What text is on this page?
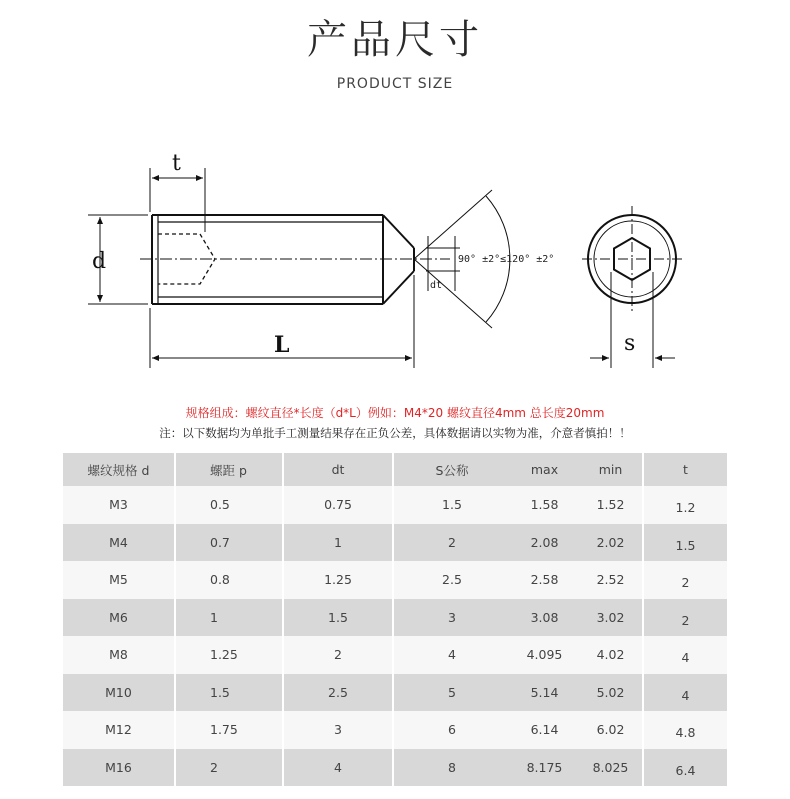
产品尺寸
PRODUCT SIZE
t
d
L
90° ±2°≤120° ±2°
dt
s
规格组成：螺纹直径*长度（d*L）例如：M4*20 螺纹直径4mm 总长度20mm
注：以下数据均为单批手工测量结果存在正负公差，具体数据请以实物为准，介意者慎拍！！
螺纹规格 d	螺距 p	dt	S公称	max	min	t
M3	0.5	0.75	1.5	1.58	1.52	1.2
M4	0.7	1	2	2.08	2.02	1.5
M5	0.8	1.25	2.5	2.58	2.52	2
M6	1	1.5	3	3.08	3.02	2
M8	1.25	2	4	4.095	4.02	4
M10	1.5	2.5	5	5.14	5.02	4
M12	1.75	3	6	6.14	6.02	4.8
M16	2	4	8	8.175	8.025	6.4
